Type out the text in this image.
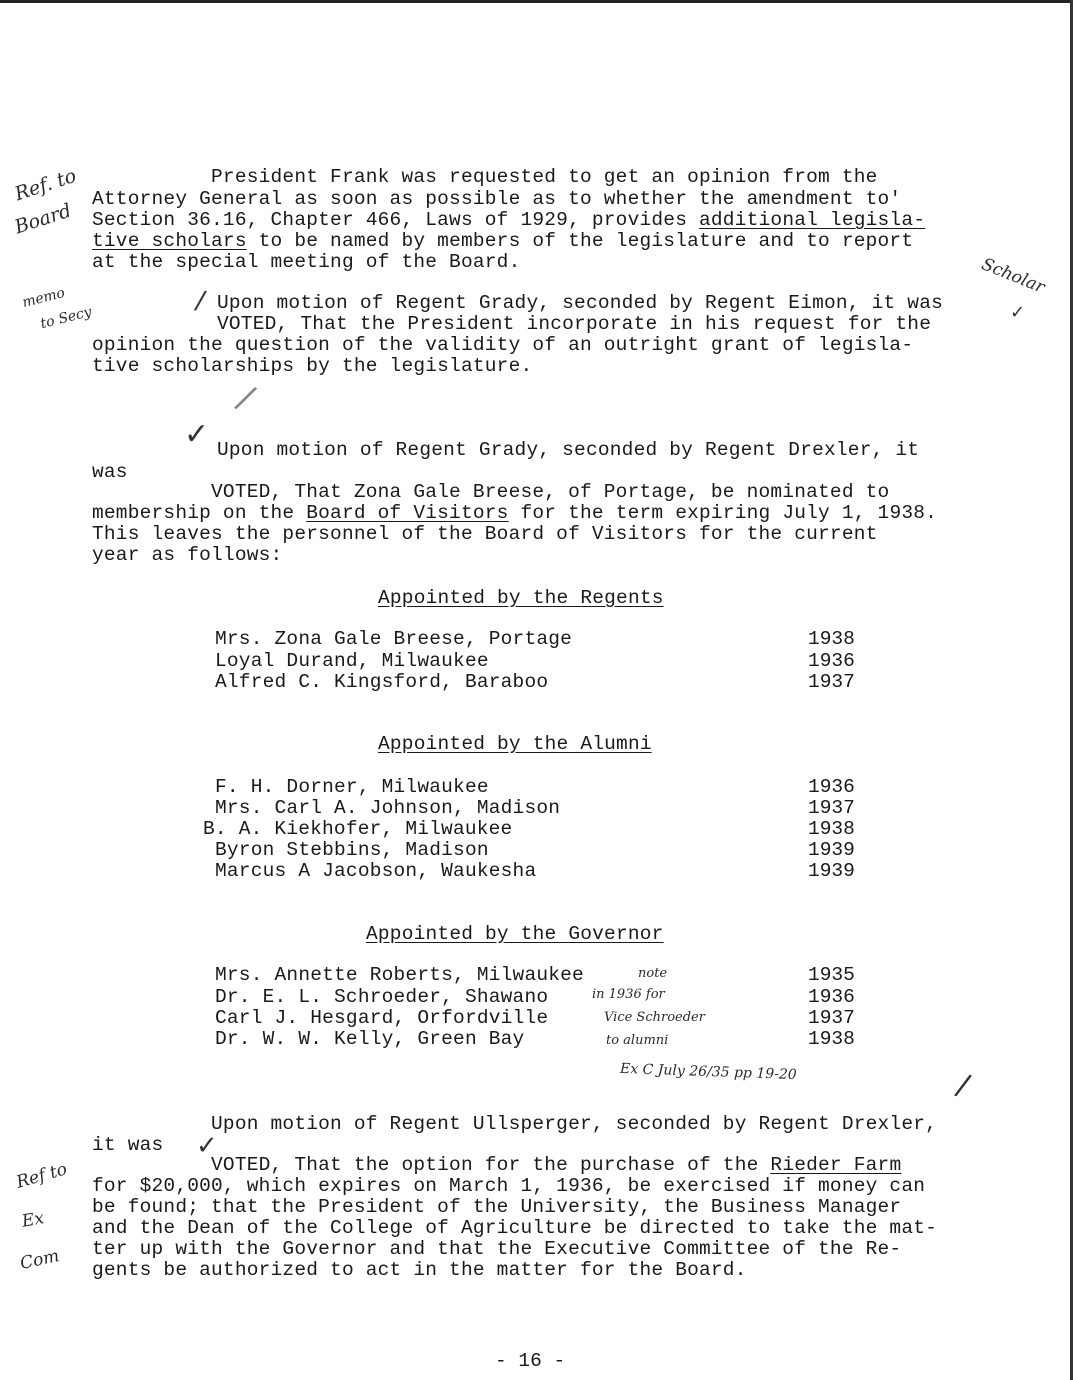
President Frank was requested to get an opinion from the
Attorney General as soon as possible as to whether the amendment to'
Section 36.16, Chapter 466, Laws of 1929, provides additional legisla-
tive scholars to be named by members of the legislature and to report
at the special meeting of the Board.
Upon motion of Regent Grady, seconded by Regent Eimon, it was
VOTED, That the President incorporate in his request for the
opinion the question of the validity of an outright grant of legisla-
tive scholarships by the legislature.
Upon motion of Regent Grady, seconded by Regent Drexler, it
was
VOTED, That Zona Gale Breese, of Portage, be nominated to
membership on the Board of Visitors for the term expiring July 1, 1938.
This leaves the personnel of the Board of Visitors for the current
year as follows:
Appointed by the Regents
Mrs. Zona Gale Breese, Portage	1938
Loyal Durand, Milwaukee	1936
Alfred C. Kingsford, Baraboo	1937
Appointed by the Alumni
F. H. Dorner, Milwaukee	1936
Mrs. Carl A. Johnson, Madison	1937
B. A. Kiekhofer, Milwaukee	1938
Byron Stebbins, Madison	1939
Marcus A Jacobson, Waukesha	1939
Appointed by the Governor
Mrs. Annette Roberts, Milwaukee	1935
Dr. E. L. Schroeder, Shawano	1936
Carl J. Hesgard, Orfordville	1937
Dr. W. W. Kelly, Green Bay	1938
Upon motion of Regent Ullsperger, seconded by Regent Drexler,
it was
VOTED, That the option for the purchase of the Rieder Farm
for $20,000, which expires on March 1, 1936, be exercised if money can
be found; that the President of the University, the Business Manager
and the Dean of the College of Agriculture be directed to take the mat-
ter up with the Governor and that the Executive Committee of the Re-
gents be authorized to act in the matter for the Board.
Ref. to
Board
memo
to Secy
Scholar
note
in 1936 for
Vice Schroeder
to alumni
Ex C July 26/35 pp 19-20
Ref to
Ex
Com
/
✓
✓
/
/
✓
- 16 -
